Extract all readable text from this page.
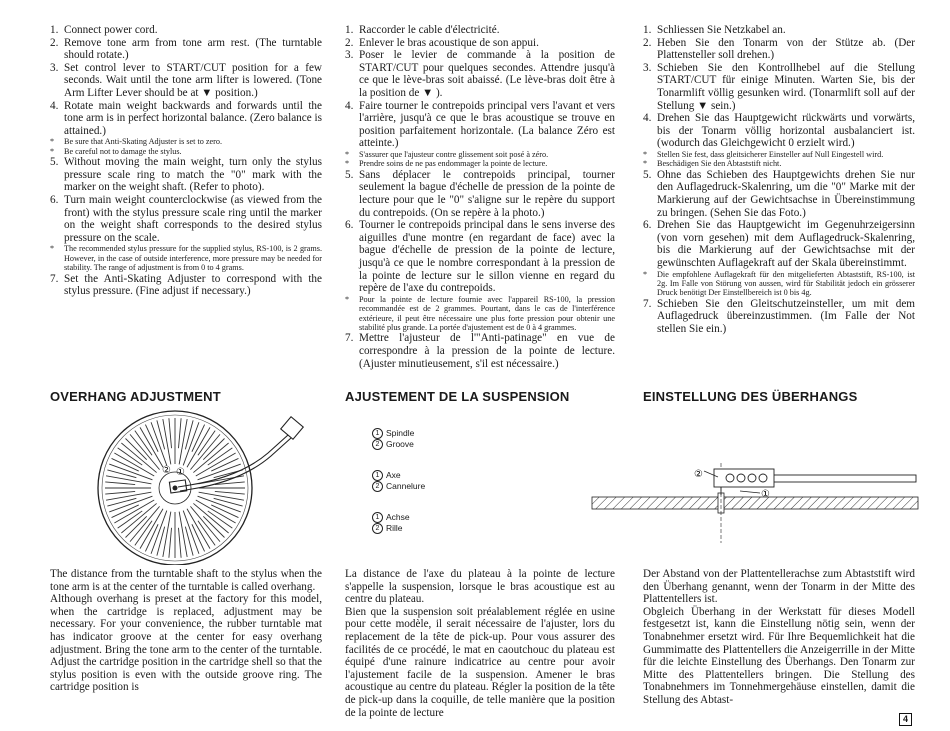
1. Connect power cord.
2. Remove tone arm from tone arm rest. (The turntable should rotate.)
3. Set control lever to START/CUT position for a few seconds. Wait until the tone arm lifter is lowered. (Tone Arm Lifter Lever should be at ▼ position.)
4. Rotate main weight backwards and forwards until the tone arm is in perfect horizontal balance. (Zero balance is attained.)
* Be sure that Anti-Skating Adjuster is set to zero.
* Be careful not to damage the stylus.
5. Without moving the main weight, turn only the stylus pressure scale ring to match the "0" mark with the marker on the weight shaft. (Refer to photo).
6. Turn main weight counterclockwise (as viewed from the front) with the stylus pressure scale ring until the marker on the weight shaft corresponds to the desired stylus pressure on the scale.
* The recommended stylus pressure for the supplied stylus, RS-100, is 2 grams. However, in the case of outside interference, more pressure may be needed for stability. The range of adjustment is from 0 to 4 grams.
7. Set the Anti-Skating Adjuster to correspond with the stylus pressure. (Fine adjust if necessary.)
1. Raccorder le cable d'électricité.
2. Enlever le bras acoustique de son appui.
3. Poser le levier de commande à la position de START/CUT pour quelques secondes. Attendre jusqu'à ce que le lève-bras soit abaissé. (Le lève-bras doit être à la position de ▼ ).
4. Faire tourner le contrepoids principal vers l'avant et vers l'arrière, jusqu'à ce que le bras acoustique se trouve en position parfaitement horizontale. (La balance Zéro est atteinte.)
* S'assurer que l'ajusteur contre glissement soit posé à zéro.
* Prendre soins de ne pas endommager la pointe de lecture.
5. Sans déplacer le contrepoids principal, tourner seulement la bague d'échelle de pression de la pointe de lecture pour que le "0" s'aligne sur le repère du support du contrepoids. (On se repère à la photo.)
6. Tourner le contrepoids principal dans le sens inverse des aiguilles d'une montre (en regardant de face) avec la bague d'échelle de pression de la pointe de lecture, jusqu'à ce que le nombre correspondant à la pression de la pointe de lecture sur le sillon vienne en regard du repère de l'axe du contrepoids.
* Pour la pointe de lecture fournie avec l'appareil RS-100, la pression recommandée est de 2 grammes. Pourtant, dans le cas de l'interférence extérieure, il peut être nécessaire une plus forte pression pour obtenir une stabilité plus grande. La portée d'ajustement est de 0 à 4 grammes.
7. Mettre l'ajusteur de l'"Anti-patinage" en vue de correspondre à la pression de la pointe de lecture. (Ajuster minutieusement, s'il est nécessaire.)
1. Schliessen Sie Netzkabel an.
2. Heben Sie den Tonarm von der Stütze ab. (Der Plattensteller soll drehen.)
3. Schieben Sie den Kontrollhebel auf die Stellung START/CUT für einige Minuten. Warten Sie, bis der Tonarmlift völlig gesunken wird. (Tonarmlift soll auf der Stellung ▼ sein.)
4. Drehen Sie das Hauptgewicht rückwärts und vorwärts, bis der Tonarm völlig horizontal ausbalanciert ist. (wodurch das Gleichgewicht 0 erzielt wird.)
* Stellen Sie fest, dass gleitsicherer Einsteller auf Null Eingestell wird.
* Beschädigen Sie den Abtaststift nicht.
5. Ohne das Schieben des Hauptgewichts drehen Sie nur den Auflagedruck-Skalenring, um die "0" Marke mit der Markierung auf der Gewichtsachse in Übereinstimmung zu bringen. (Sehen Sie das Foto.)
6. Drehen Sie das Hauptgewicht im Gegenuhrzeigersinn (von vorn gesehen) mit dem Auflagedruck-Skalenring, bis die Markierung auf der Gewichtsachse mit der gewünschten Auflagekraft auf der Skala übereinstimmt.
* Die empfohlene Auflagekraft für den mitgelieferten Abtaststift, RS-100, ist 2g. Im Falle von Störung von aussen, wird für Stabilität jedoch ein grösserer Druck benötigt Der Einstellbereich ist 0 bis 4g.
7. Schieben Sie den Gleitschutzeinsteller, um mit dem Auflagedruck übereinzustimmen. (Im Falle der Not stellen Sie ein.)
OVERHANG ADJUSTMENT	AJUSTEMENT DE LA SUSPENSION	EINSTELLUNG DES ÜBERHANGS
② ①
1 Spindle
2 Groove
1 Axe
2 Cannelure
1 Achse
2 Rille
②
①

The distance from the turntable shaft to the stylus when the tone arm is at the center of the turntable is called overhang.

Although overhang is preset at the factory for this model, when the cartridge is replaced, adjustment may be necessary. For your convenience, the rubber turntable mat has indicator groove at the center for easy overhang adjustment. Bring the tone arm to the center of the turntable. Adjust the cartridge position in the cartridge shell so that the stylus position is even with the outside groove ring. The cartridge position is

La distance de l'axe du plateau à la pointe de lecture s'appelle la suspension, lorsque le bras acoustique est au centre du plateau.

Bien que la suspension soit préalablement réglée en usine pour cette modèle, il serait nécessaire de l'ajuster, lors du replacement de la tête de pick-up. Pour vous assurer des facilités de ce procédé, le mat en caoutchouc du plateau est équipé d'une rainure indicatrice au centre pour avoir l'ajustement facile de la suspension. Amener le bras acoustique au centre du plateau. Régler la position de la tête de pick-up dans la coquille, de telle manière que la position de la pointe de lecture

Der Abstand von der Plattentellerachse zum Abtaststift wird den Überhang genannt, wenn der Tonarm in der Mitte des Plattentellers ist.

Obgleich Überhang in der Werkstatt für dieses Modell festgesetzt ist, kann die Einstellung nötig sein, wenn der Tonabnehmer ersetzt wird. Für Ihre Bequemlichkeit hat die Gummimatte des Plattentellers die Anzeigerrille in der Mitte für die leichte Einstellung des Überhangs. Den Tonarm zur Mitte des Plattentellers bringen. Die Stellung des Tonabnehmers im Tonnehmergehäuse einstellen, damit die Stellung des Abtast-

4
